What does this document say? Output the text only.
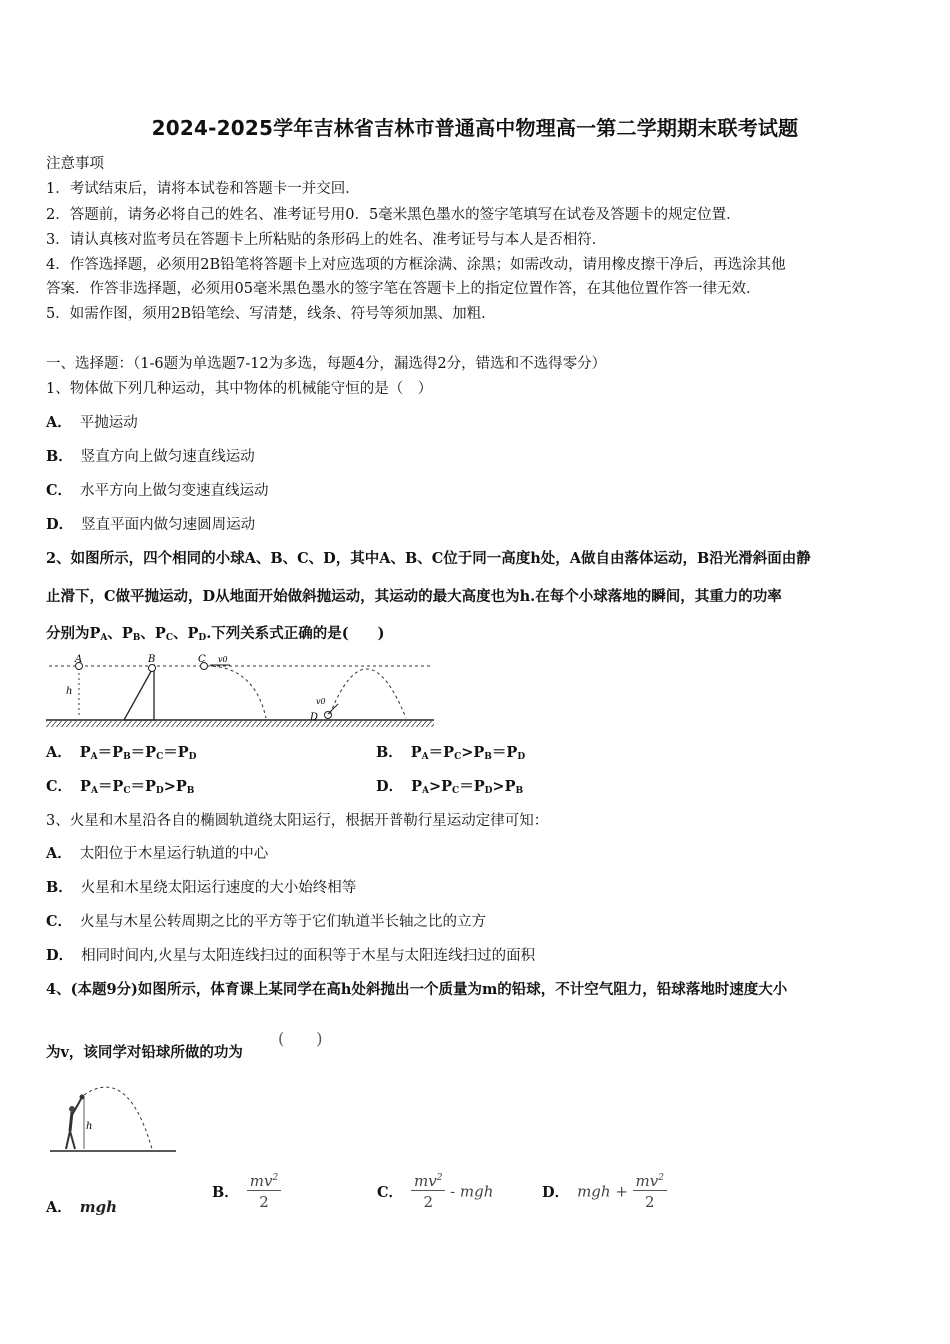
2024-2025学年吉林省吉林市普通高中物理高一第二学期期末联考试题
注意事项
1．考试结束后，请将本试卷和答题卡一并交回．
2．答题前，请务必将自己的姓名、准考证号用0．5毫米黑色墨水的签字笔填写在试卷及答题卡的规定位置．
3．请认真核对监考员在答题卡上所粘贴的条形码上的姓名、准考证号与本人是否相符．
4．作答选择题，必须用2B铅笔将答题卡上对应选项的方框涂满、涂黑；如需改动，请用橡皮擦干净后，再选涂其他
答案．作答非选择题，必须用05毫米黑色墨水的签字笔在答题卡上的指定位置作答，在其他位置作答一律无效．
5．如需作图，须用2B铅笔绘、写清楚，线条、符号等须加黑、加粗．
一、选择题：（1-6题为单选题7-12为多选，每题4分，漏选得2分，错选和不选得零分）
1、物体做下列几种运动，其中物体的机械能守恒的是（　）
A． 平抛运动
B． 竖直方向上做匀速直线运动
C． 水平方向上做匀变速直线运动
D． 竖直平面内做匀速圆周运动
2、如图所示，四个相同的小球A、B、C、D，其中A、B、C位于同一高度h处，A做自由落体运动，B沿光滑斜面由静
止滑下，C做平抛运动，D从地面开始做斜抛运动，其运动的最大高度也为h.在每个小球落地的瞬间，其重力的功率
分别为$P_A$、$P_B$、$P_C$、$P_D$.下列关系式正确的是(　　)
A
h
B	C v0
D
v0
A． $P_A=P_B=P_C=P_D$	B． $P_A=P_C>P_B=P_D$
C． $P_A=P_C=P_D>P_B$	D． $P_A>P_C=P_D>P_B$
3、火星和木星沿各自的椭圆轨道绕太阳运行，根据开普勒行星运动定律可知：
A． 太阳位于木星运行轨道的中心
B． 火星和木星绕太阳运行速度的大小始终相等
C． 火星与木星公转周期之比的平方等于它们轨道半长轴之比的立方
D． 相同时间内,火星与太阳连线扫过的面积等于木星与太阳连线扫过的面积
4、(本题9分)如图所示，体育课上某同学在高h处斜抛出一个质量为m的铅球，不计空气阻力，铅球落地时速度大小
为v，该同学对铅球所做的功为
(　　)
h
A． mgh
B． $\frac{mv^2}{2}$	C． $\frac{mv^2}{2}$ - mgh	D． mgh + $\frac{mv^2}{2}$
